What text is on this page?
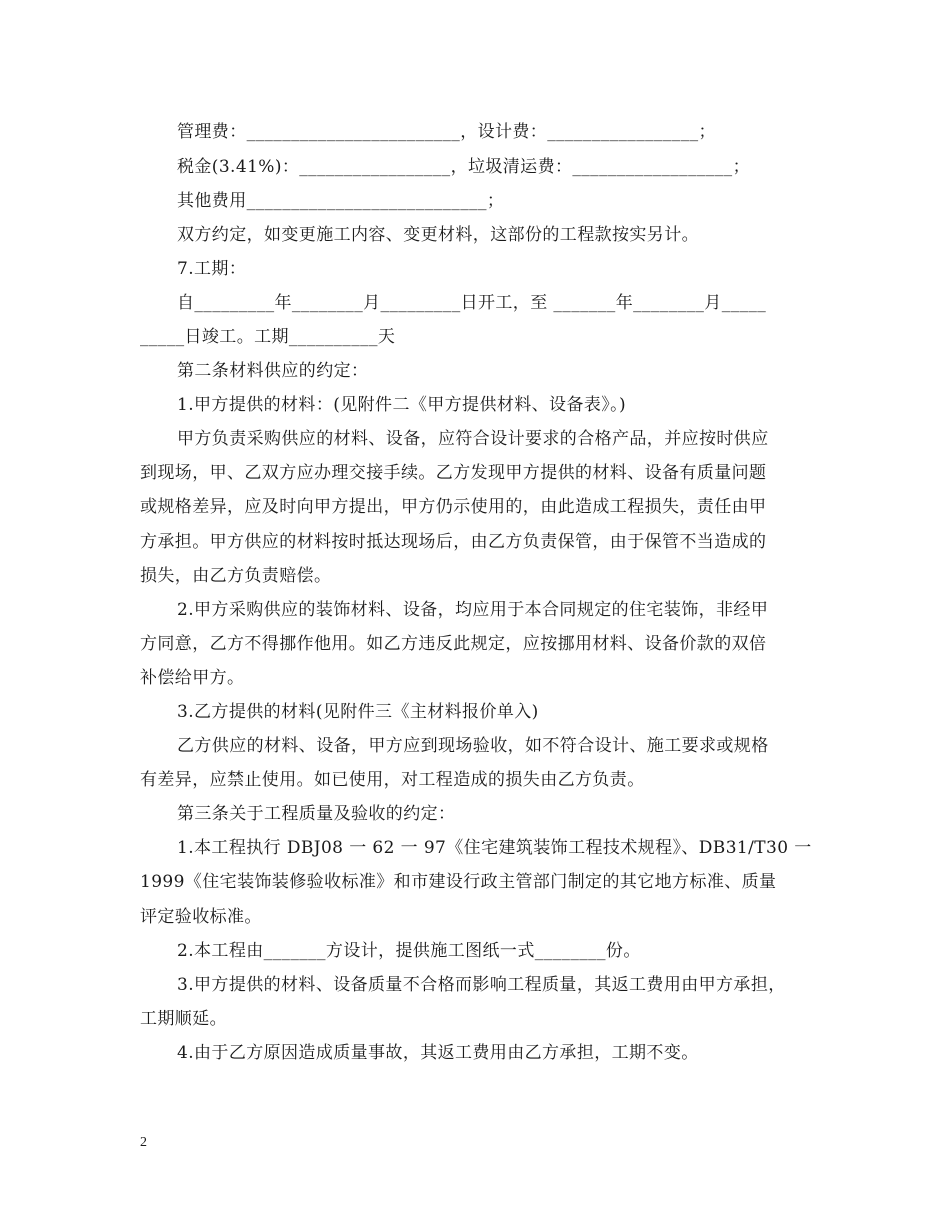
管理费：________________________，设计费：_________________；
税金(3.41%)：_________________，垃圾清运费：__________________；
其他费用___________________________；
双方约定，如变更施工内容、变更材料，这部份的工程款按实另计。
7.工期：
自_________年________月_________日开工，至 _______年________月_____
_____日竣工。工期__________天
第二条材料供应的约定：
1.甲方提供的材料：(见附件二《甲方提供材料、设备表》。)
甲方负责采购供应的材料、设备，应符合设计要求的合格产品，并应按时供应
到现场，甲、乙双方应办理交接手续。乙方发现甲方提供的材料、设备有质量问题
或规格差异，应及时向甲方提出，甲方仍示使用的，由此造成工程损失，责任由甲
方承担。甲方供应的材料按时抵达现场后，由乙方负责保管，由于保管不当造成的
损失，由乙方负责赔偿。
2.甲方采购供应的装饰材料、设备，均应用于本合同规定的住宅装饰，非经甲
方同意，乙方不得挪作他用。如乙方违反此规定，应按挪用材料、设备价款的双倍
补偿给甲方。
3.乙方提供的材料(见附件三《主材料报价单入)
乙方供应的材料、设备，甲方应到现场验收，如不符合设计、施工要求或规格
有差异，应禁止使用。如已使用，对工程造成的损失由乙方负责。
第三条关于工程质量及验收的约定：
1.本工程执行 DBJ08 一 62 一 97《住宅建筑装饰工程技术规程》、DB31/T30 一
1999《住宅装饰装修验收标准》和市建设行政主管部门制定的其它地方标准、质量
评定验收标准。
2.本工程由_______方设计，提供施工图纸一式________份。
3.甲方提供的材料、设备质量不合格而影响工程质量，其返工费用由甲方承担，
工期顺延。
4.由于乙方原因造成质量事故，其返工费用由乙方承担，工期不变。
2
